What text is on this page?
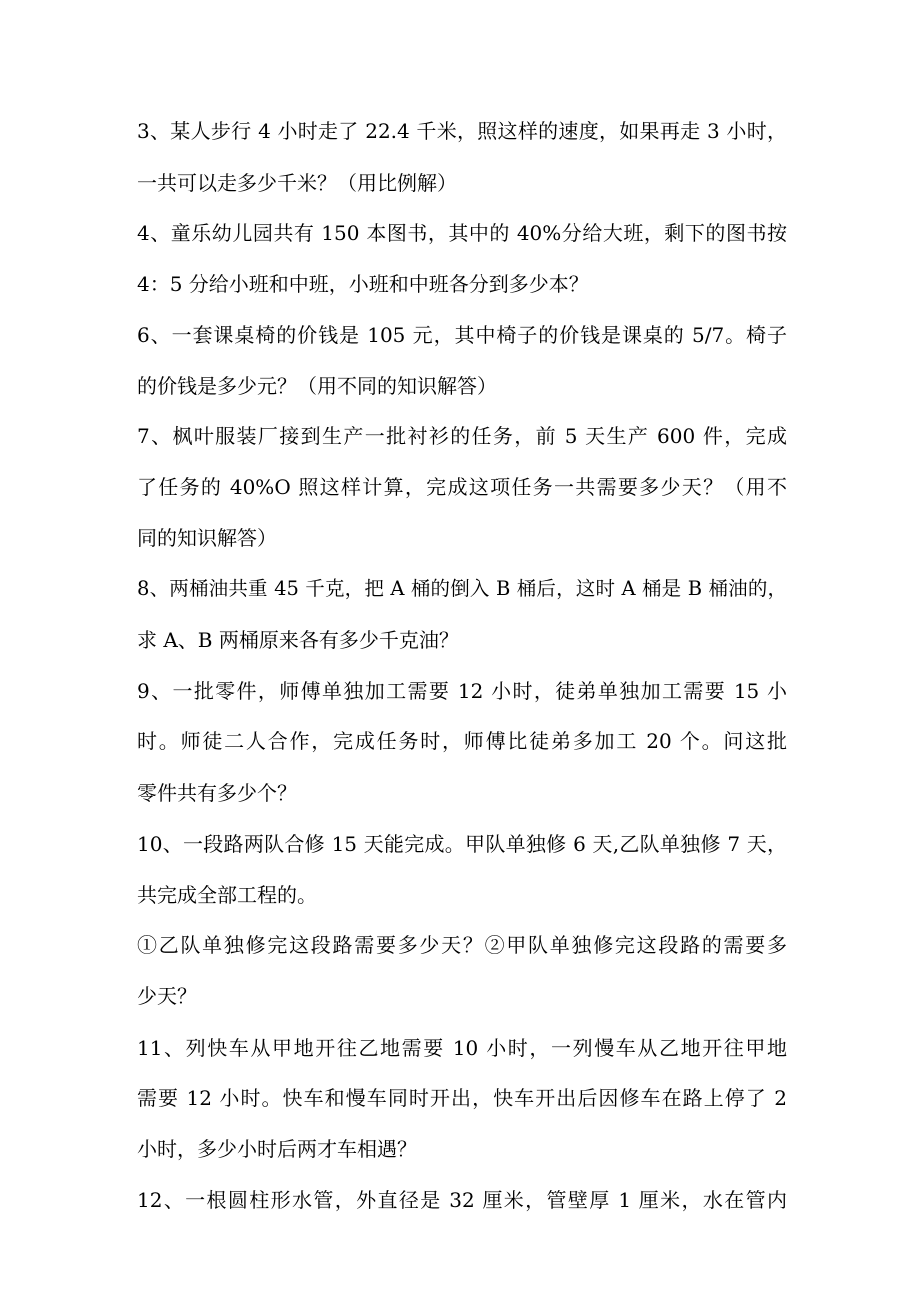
3、某人步行 4 小时走了 22.4 千米，照这样的速度，如果再走 3 小时，

一共可以走多少千米？（用比例解）

4、童乐幼儿园共有 150 本图书，其中的 40%分给大班，剩下的图书按

4：5 分给小班和中班，小班和中班各分到多少本？

6、一套课桌椅的价钱是 105 元，其中椅子的价钱是课桌的 5/7。椅子

的价钱是多少元？（用不同的知识解答）

7、枫叶服装厂接到生产一批衬衫的任务，前 5 天生产 600 件，完成

了任务的 40%O 照这样计算，完成这项任务一共需要多少天？（用不

同的知识解答）

8、两桶油共重 45 千克，把 A 桶的倒入 B 桶后，这时 A 桶是 B 桶油的，

求 A、B 两桶原来各有多少千克油？

9、一批零件，师傅单独加工需要 12 小时，徒弟单独加工需要 15 小

时。师徒二人合作，完成任务时，师傅比徒弟多加工 20 个。问这批

零件共有多少个？

10、一段路两队合修 15 天能完成。甲队单独修 6 天,乙队单独修 7 天，

共完成全部工程的。

①乙队单独修完这段路需要多少天？②甲队单独修完这段路的需要多

少天？

11、列快车从甲地开往乙地需要 10 小时，一列慢车从乙地开往甲地

需要 12 小时。快车和慢车同时开出，快车开出后因修车在路上停了 2

小时，多少小时后两才车相遇？

12、一根圆柱形水管，外直径是 32 厘米，管壁厚 1 厘米，水在管内
